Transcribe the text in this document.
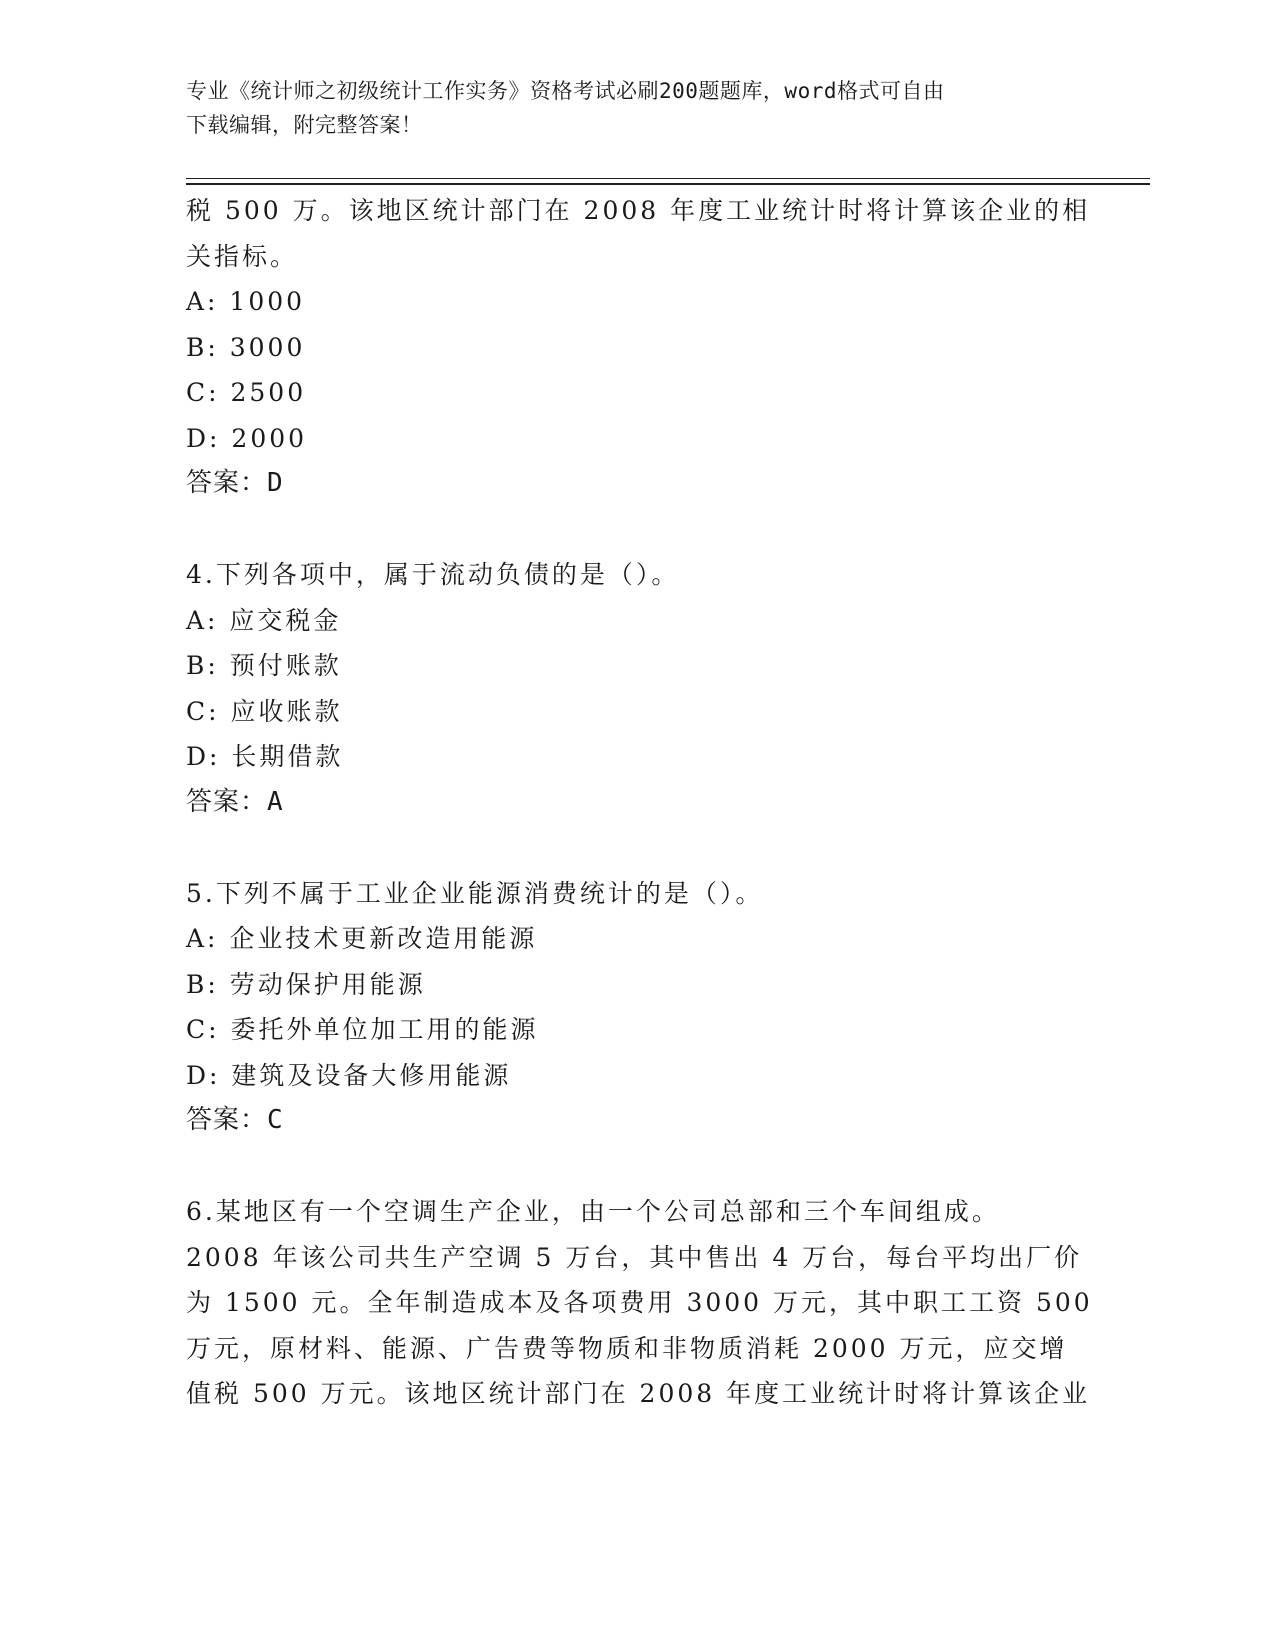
专业《统计师之初级统计工作实务》资格考试必刷200题题库，word格式可自由
下载编辑，附完整答案！
税 500 万。该地区统计部门在 2008 年度工业统计时将计算该企业的相
关指标。
A: 1000
B: 3000
C: 2500
D: 2000
答案：D
4.下列各项中，属于流动负债的是（）。
A: 应交税金
B: 预付账款
C: 应收账款
D: 长期借款
答案：A
5.下列不属于工业企业能源消费统计的是（）。
A: 企业技术更新改造用能源
B: 劳动保护用能源
C: 委托外单位加工用的能源
D: 建筑及设备大修用能源
答案：C
6.某地区有一个空调生产企业，由一个公司总部和三个车间组成。
2008 年该公司共生产空调 5 万台，其中售出 4 万台，每台平均出厂价
为 1500 元。全年制造成本及各项费用 3000 万元，其中职工工资 500
万元，原材料、能源、广告费等物质和非物质消耗 2000 万元，应交增
值税 500 万元。该地区统计部门在 2008 年度工业统计时将计算该企业
